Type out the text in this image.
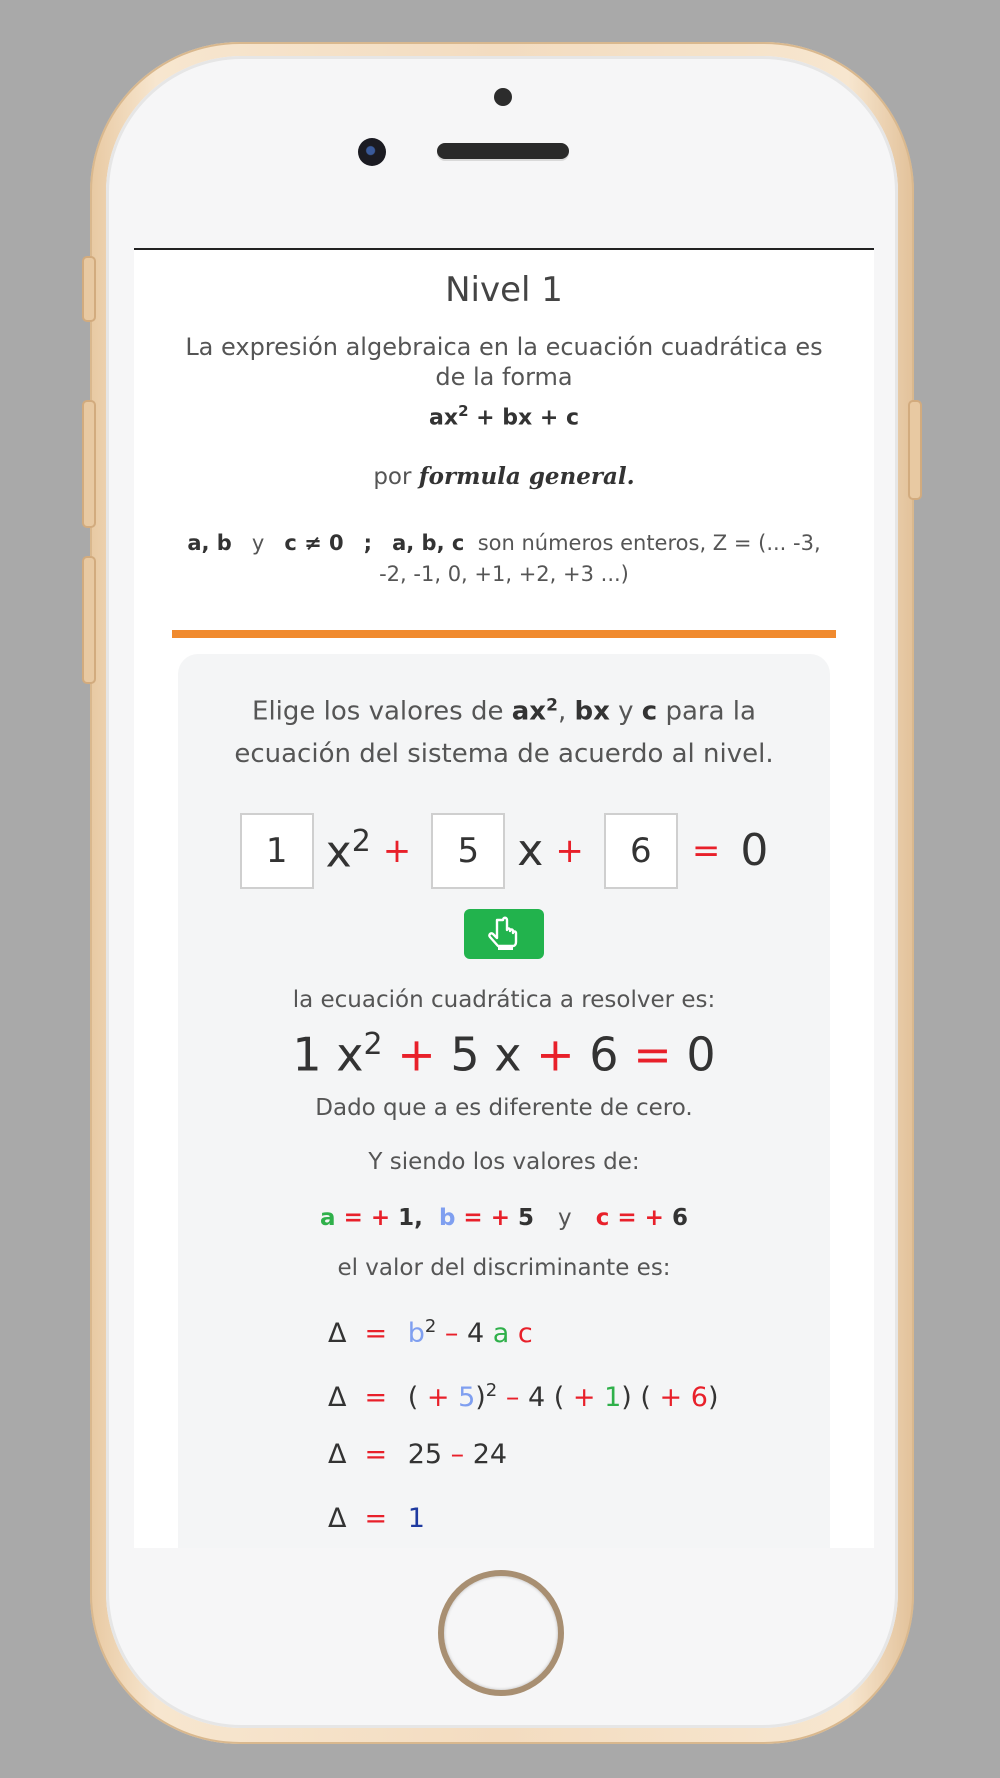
Nivel 1
La expresión algebraica en la ecuación cuadrática es de la forma
$ax^2$ + bx + c
por formula general.
a, b y c ≠ 0 ; a, b, c son números enteros, Z = (... -3, -2, -1, 0, +1, +2, +3 ...)
Elige los valores de $ax^2$, bx y c para la ecuación del sistema de acuerdo al nivel.
1 $x^2$ +	5 x +	6	= 0
la ecuación cuadrática a resolver es:
1 $x^2 + 5$ x + 6 = 0
Dado que a es diferente de cero.
Y siendo los valores de:
a = + 1, b = + 5 y c = + 6
el valor del discriminante es:
$\Delta = b^2 - 4$ a c
Δ = ( + 5)$^2$ – 4 ( + 1) ( + 6)
Δ = 25 – 24
Δ = 1
